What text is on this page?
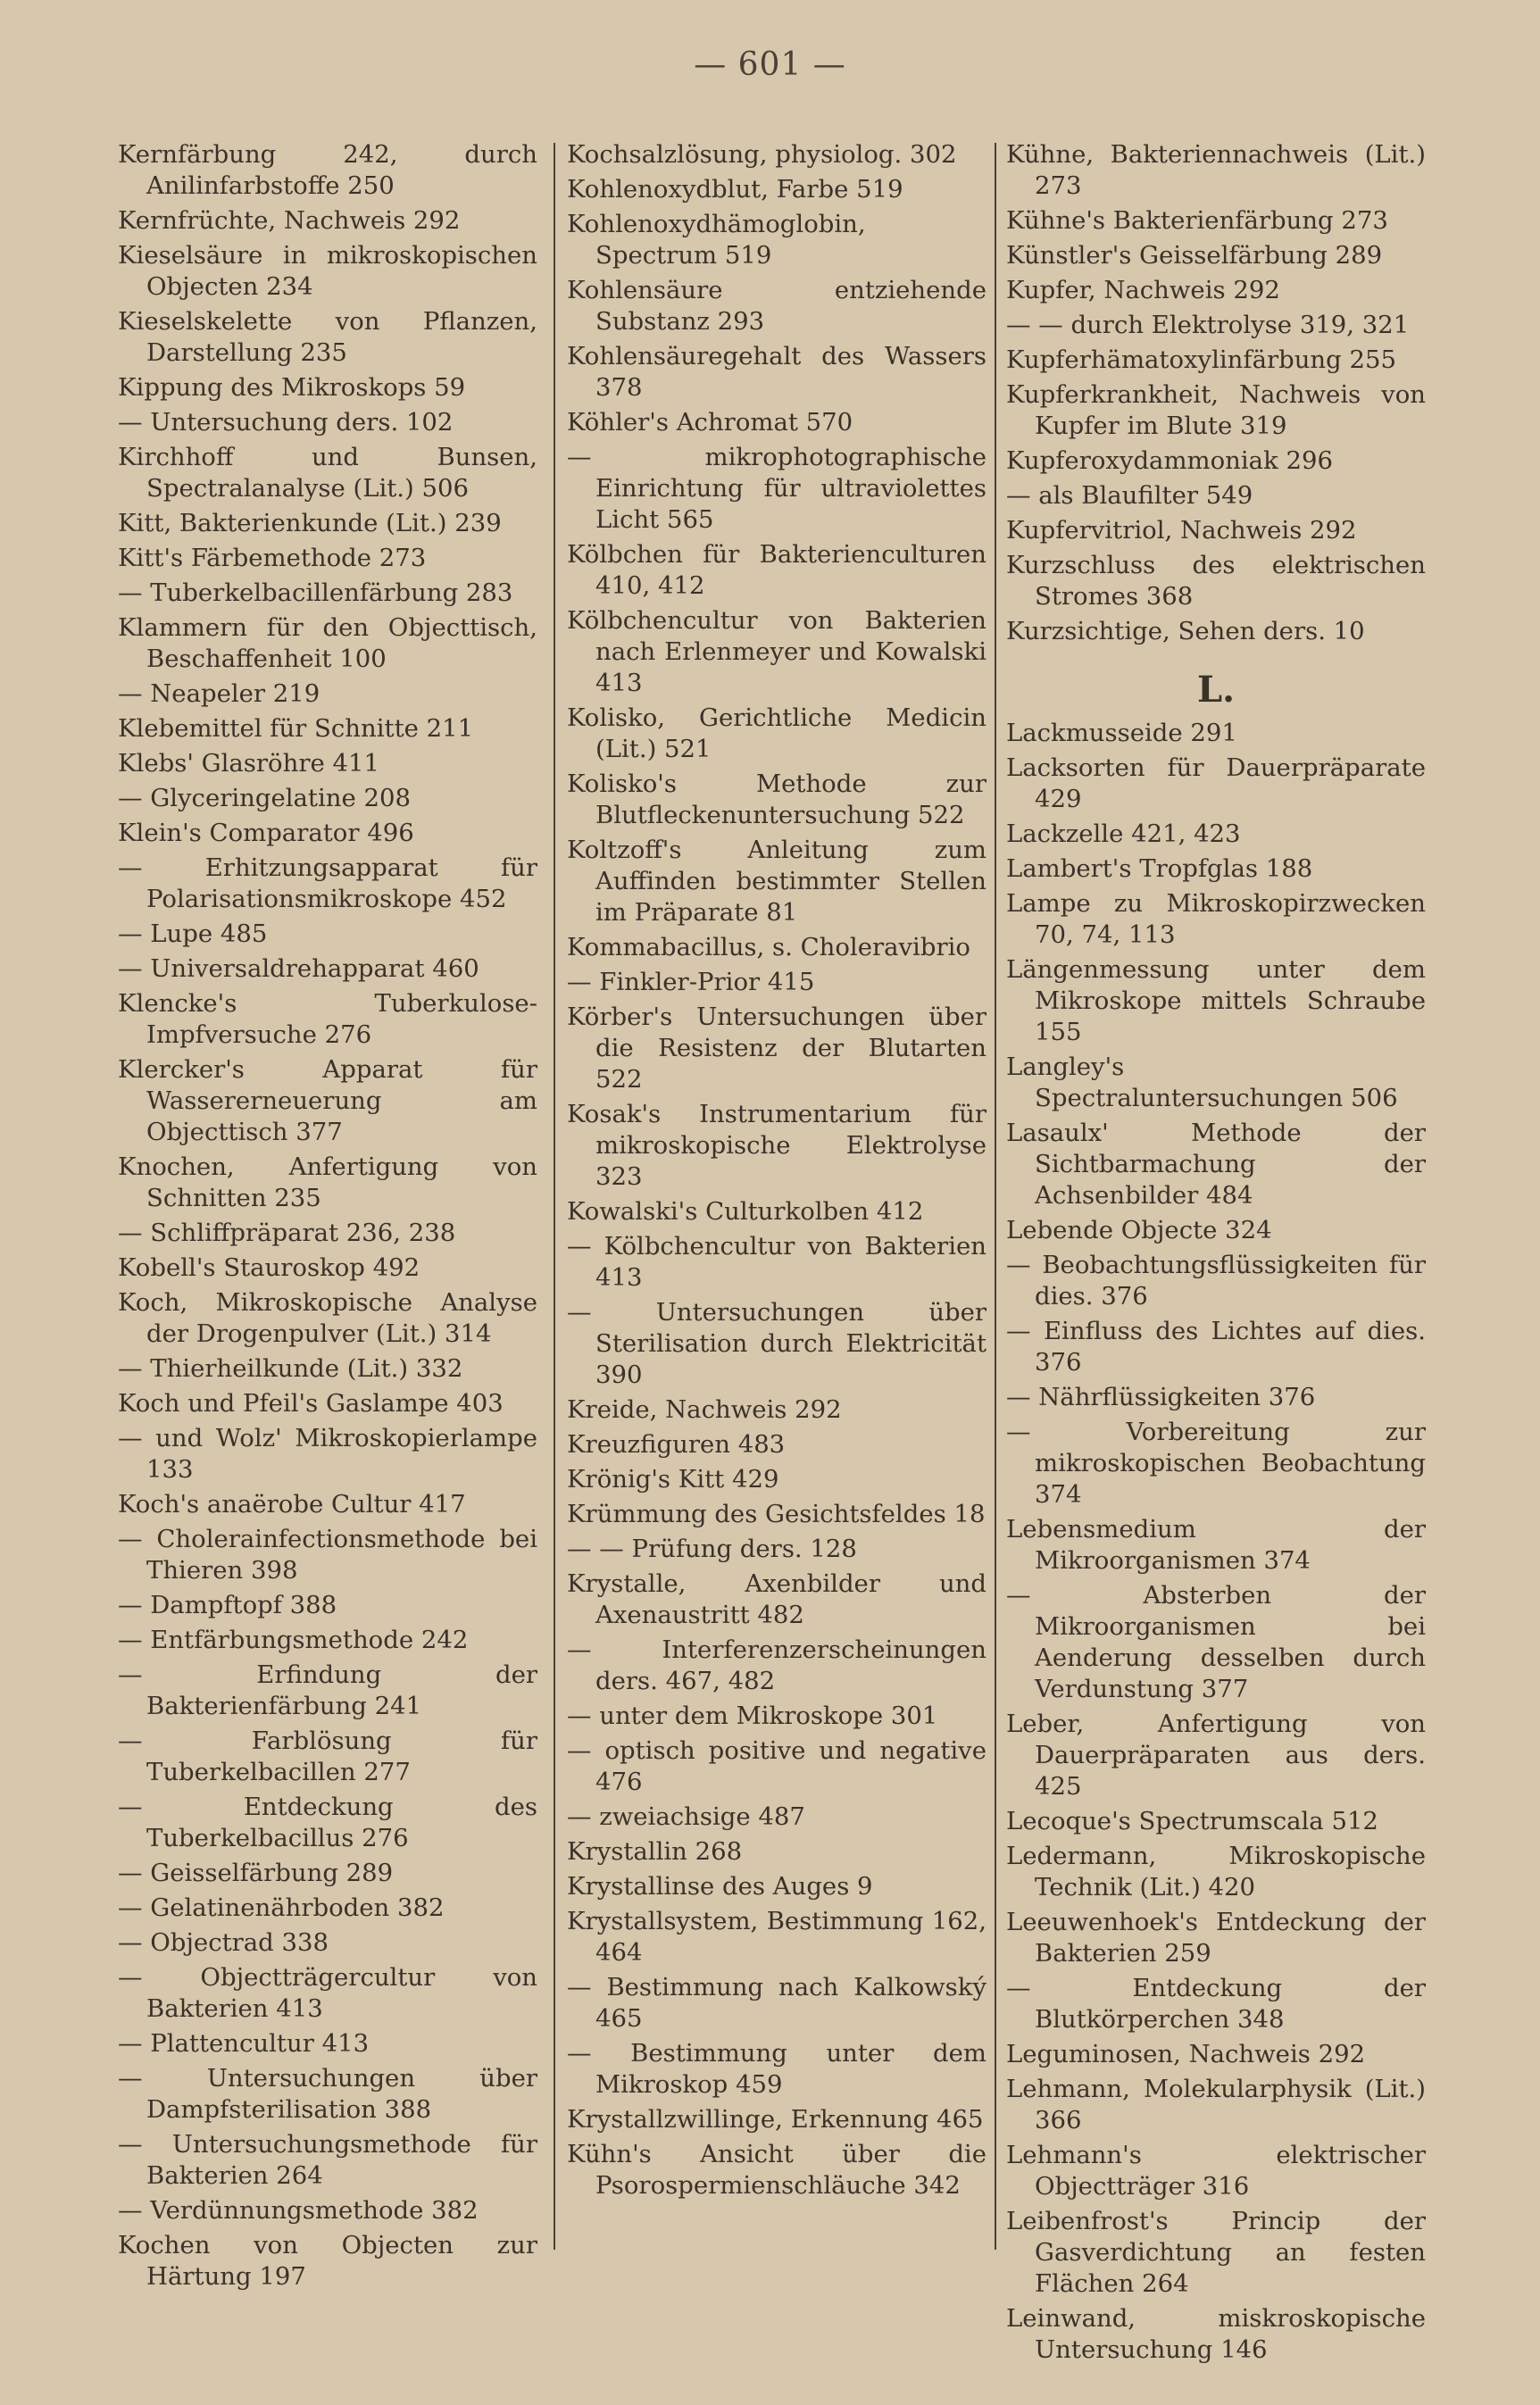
— 601 —

Kernfärbung 242, durch Anilinfarbstoffe 250

Kernfrüchte, Nachweis 292

Kieselsäure in mikroskopischen Objecten 234

Kieselskelette von Pflanzen, Darstellung 235

Kippung des Mikroskops 59

— Untersuchung ders. 102

Kirchhoff und Bunsen, Spectralanalyse (Lit.) 506

Kitt, Bakterienkunde (Lit.) 239

Kitt's Färbemethode 273

— Tuberkelbacillenfärbung 283

Klammern für den Objecttisch, Beschaffenheit 100

— Neapeler 219

Klebemittel für Schnitte 211

Klebs' Glasröhre 411

— Glyceringelatine 208

Klein's Comparator 496

— Erhitzungsapparat für Polarisationsmikroskope 452

— Lupe 485

— Universaldrehapparat 460

Klencke's Tuberkulose-Impfversuche 276

Klercker's Apparat für Wassererneuerung am Objecttisch 377

Knochen, Anfertigung von Schnitten 235

— Schliffpräparat 236, 238

Kobell's Stauroskop 492

Koch, Mikroskopische Analyse der Drogenpulver (Lit.) 314

— Thierheilkunde (Lit.) 332

Koch und Pfeil's Gaslampe 403

— und Wolz' Mikroskopierlampe 133

Koch's anaërobe Cultur 417

— Cholerainfectionsmethode bei Thieren 398

— Dampftopf 388

— Entfärbungsmethode 242

— Erfindung der Bakterienfärbung 241

— Farblösung für Tuberkelbacillen 277

— Entdeckung des Tuberkelbacillus 276

— Geisselfärbung 289

— Gelatinenährboden 382

— Objectrad 338

— Objectträgercultur von Bakterien 413

— Plattencultur 413

— Untersuchungen über Dampfsterilisation 388

— Untersuchungsmethode für Bakterien 264

— Verdünnungsmethode 382

Kochen von Objecten zur Härtung 197

Kochsalzlösung, physiolog. 302

Kohlenoxydblut, Farbe 519

Kohlenoxydhämoglobin, Spectrum 519

Kohlensäure entziehende Substanz 293

Kohlensäuregehalt des Wassers 378

Köhler's Achromat 570

— mikrophotographische Einrichtung für ultraviolettes Licht 565

Kölbchen für Bakterienculturen 410, 412

Kölbchencultur von Bakterien nach Erlenmeyer und Kowalski 413

Kolisko, Gerichtliche Medicin (Lit.) 521

Kolisko's Methode zur Blutfleckenuntersuchung 522

Koltzoff's Anleitung zum Auffinden bestimmter Stellen im Präparate 81

Kommabacillus, s. Choleravibrio

— Finkler-Prior 415

Körber's Untersuchungen über die Resistenz der Blutarten 522

Kosak's Instrumentarium für mikroskopische Elektrolyse 323

Kowalski's Culturkolben 412

— Kölbchencultur von Bakterien 413

— Untersuchungen über Sterilisation durch Elektricität 390

Kreide, Nachweis 292

Kreuzfiguren 483

Krönig's Kitt 429

Krümmung des Gesichtsfeldes 18

— — Prüfung ders. 128

Krystalle, Axenbilder und Axenaustritt 482

— Interferenzerscheinungen ders. 467, 482

— unter dem Mikroskope 301

— optisch positive und negative 476

— zweiachsige 487

Krystallin 268

Krystallinse des Auges 9

Krystallsystem, Bestimmung 162, 464

— Bestimmung nach Kalkowský 465

— Bestimmung unter dem Mikroskop 459

Krystallzwillinge, Erkennung 465

Kühn's Ansicht über die Psorospermienschläuche 342

Kühne, Bakteriennachweis (Lit.) 273

Kühne's Bakterienfärbung 273

Künstler's Geisselfärbung 289

Kupfer, Nachweis 292

— — durch Elektrolyse 319, 321

Kupferhämatoxylinfärbung 255

Kupferkrankheit, Nachweis von Kupfer im Blute 319

Kupferoxydammoniak 296

— als Blaufilter 549

Kupfervitriol, Nachweis 292

Kurzschluss des elektrischen Stromes 368

Kurzsichtige, Sehen ders. 10

L.

Lackmusseide 291

Lacksorten für Dauerpräparate 429

Lackzelle 421, 423

Lambert's Tropfglas 188

Lampe zu Mikroskopirzwecken 70, 74, 113

Längenmessung unter dem Mikroskope mittels Schraube 155

Langley's Spectraluntersuchungen 506

Lasaulx' Methode der Sichtbarmachung der Achsenbilder 484

Lebende Objecte 324

— Beobachtungsflüssigkeiten für dies. 376

— Einfluss des Lichtes auf dies. 376

— Nährflüssigkeiten 376

— Vorbereitung zur mikroskopischen Beobachtung 374

Lebensmedium der Mikroorganismen 374

— Absterben der Mikroorganismen bei Aenderung desselben durch Verdunstung 377

Leber, Anfertigung von Dauerpräparaten aus ders. 425

Lecoque's Spectrumscala 512

Ledermann, Mikroskopische Technik (Lit.) 420

Leeuwenhoek's Entdeckung der Bakterien 259

— Entdeckung der Blutkörperchen 348

Leguminosen, Nachweis 292

Lehmann, Molekularphysik (Lit.) 366

Lehmann's elektrischer Objectträger 316

Leibenfrost's Princip der Gasverdichtung an festen Flächen 264

Leinwand, miskroskopische Untersuchung 146
